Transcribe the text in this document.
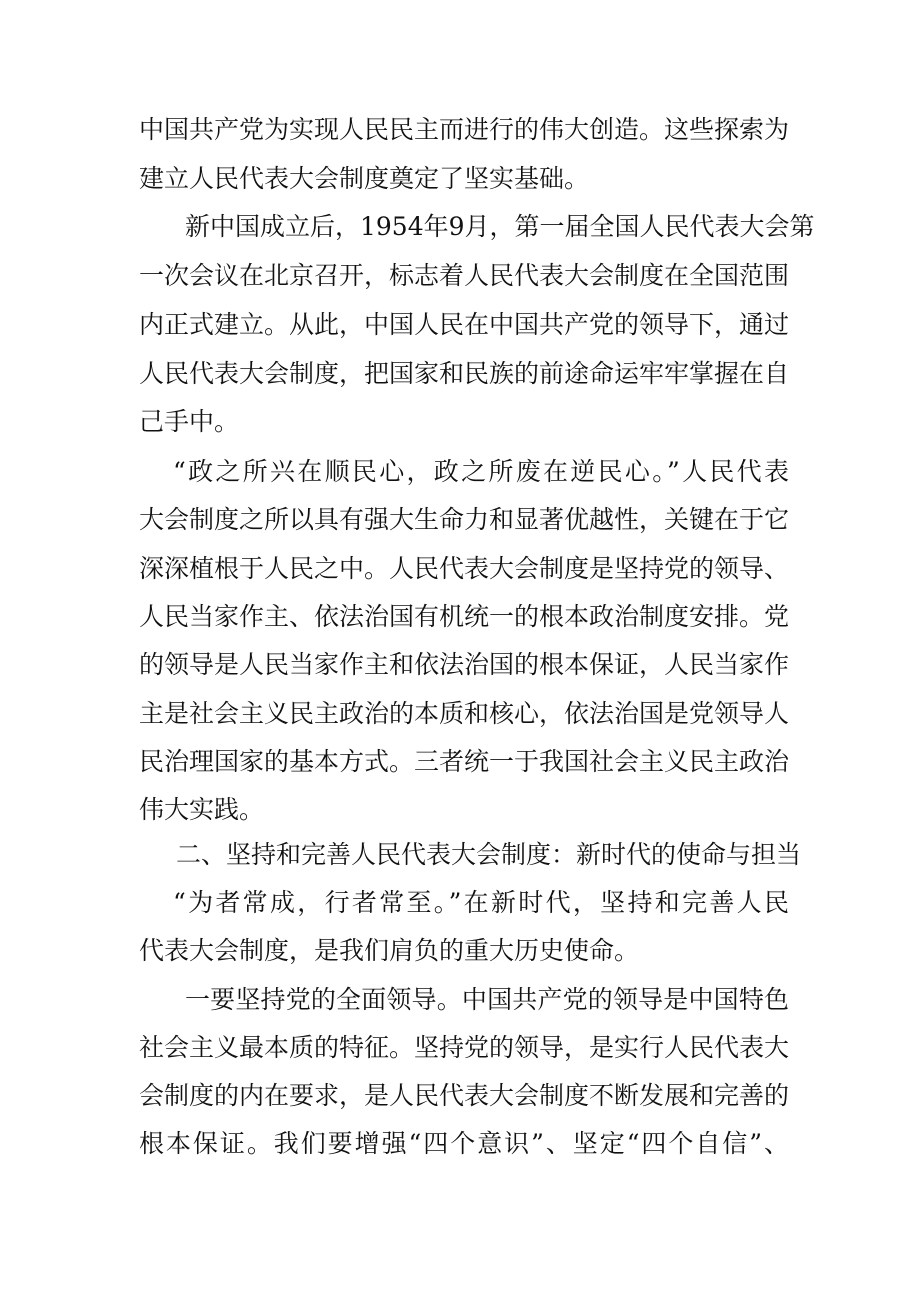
中国共产党为实现人民民主而进行的伟大创造。这些探索为
建立人民代表大会制度奠定了坚实基础。
新中国成立后，1954年9月，第一届全国人民代表大会第
一次会议在北京召开，标志着人民代表大会制度在全国范围
内正式建立。从此，中国人民在中国共产党的领导下，通过
人民代表大会制度，把国家和民族的前途命运牢牢掌握在自
己手中。
“政之所兴在顺民心，政之所废在逆民心。”人民代表
大会制度之所以具有强大生命力和显著优越性，关键在于它
深深植根于人民之中。人民代表大会制度是坚持党的领导、
人民当家作主、依法治国有机统一的根本政治制度安排。党
的领导是人民当家作主和依法治国的根本保证，人民当家作
主是社会主义民主政治的本质和核心，依法治国是党领导人
民治理国家的基本方式。三者统一于我国社会主义民主政治
伟大实践。
二、坚持和完善人民代表大会制度：新时代的使命与担当
“为者常成，行者常至。”在新时代，坚持和完善人民
代表大会制度，是我们肩负的重大历史使命。
一要坚持党的全面领导。中国共产党的领导是中国特色
社会主义最本质的特征。坚持党的领导，是实行人民代表大
会制度的内在要求，是人民代表大会制度不断发展和完善的
根本保证。我们要增强“四个意识”、坚定“四个自信”、
